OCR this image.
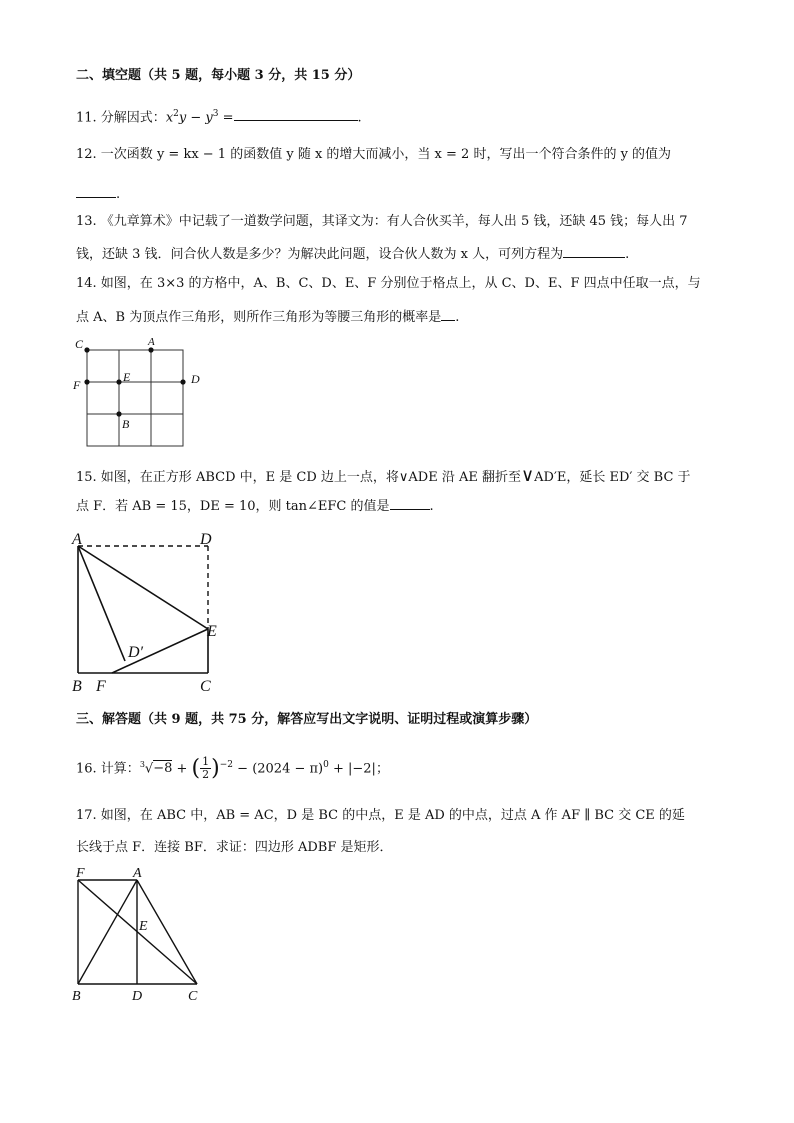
二、填空题（共 5 题，每小题 3 分，共 15 分）
11. 分解因式：$x^2y - y^3$ =	.
12. 一次函数 y = kx − 1 的函数值 y 随 x 的增大而减小，当 x = 2 时，写出一个符合条件的 y 的值为
.
13. 《九章算术》中记载了一道数学问题，其译文为：有人合伙买羊，每人出 5 钱，还缺 45 钱；每人出 7
钱，还缺 3 钱．问合伙人数是多少？为解决此问题，设合伙人数为 x 人，可列方程为	.
14. 如图，在 3×3 的方格中，A、B、C、D、E、F 分别位于格点上，从 C、D、E、F 四点中任取一点，与
点 A、B 为顶点作三角形，则所作三角形为等腰三角形的概率是 .
C	A
F
E	D
B
15. 如图，在正方形 ABCD 中，E 是 CD 边上一点，将∨ADE 沿 AE 翻折至∨AD′E，延长 ED′ 交 BC 于
点 F．若 AB = 15，DE = 10，则 tan∠EFC 的值是	.
A	D
E
D′
B F	C
三、解答题（共 9 题，共 75 分，解答应写出文字说明、证明过程或演算步骤）
16. 计算：$^3$√−8 + ( $\frac{1}{2})^{-2} - (2024 - \pi)^0 + |-2|$；
17. 如图，在 ABC 中，AB = AC，D 是 BC 的中点，E 是 AD 的中点，过点 A 作 AF ∥ BC 交 CE 的延
长线于点 F．连接 BF．求证：四边形 ADBF 是矩形．
F	A
E
B	D	C
